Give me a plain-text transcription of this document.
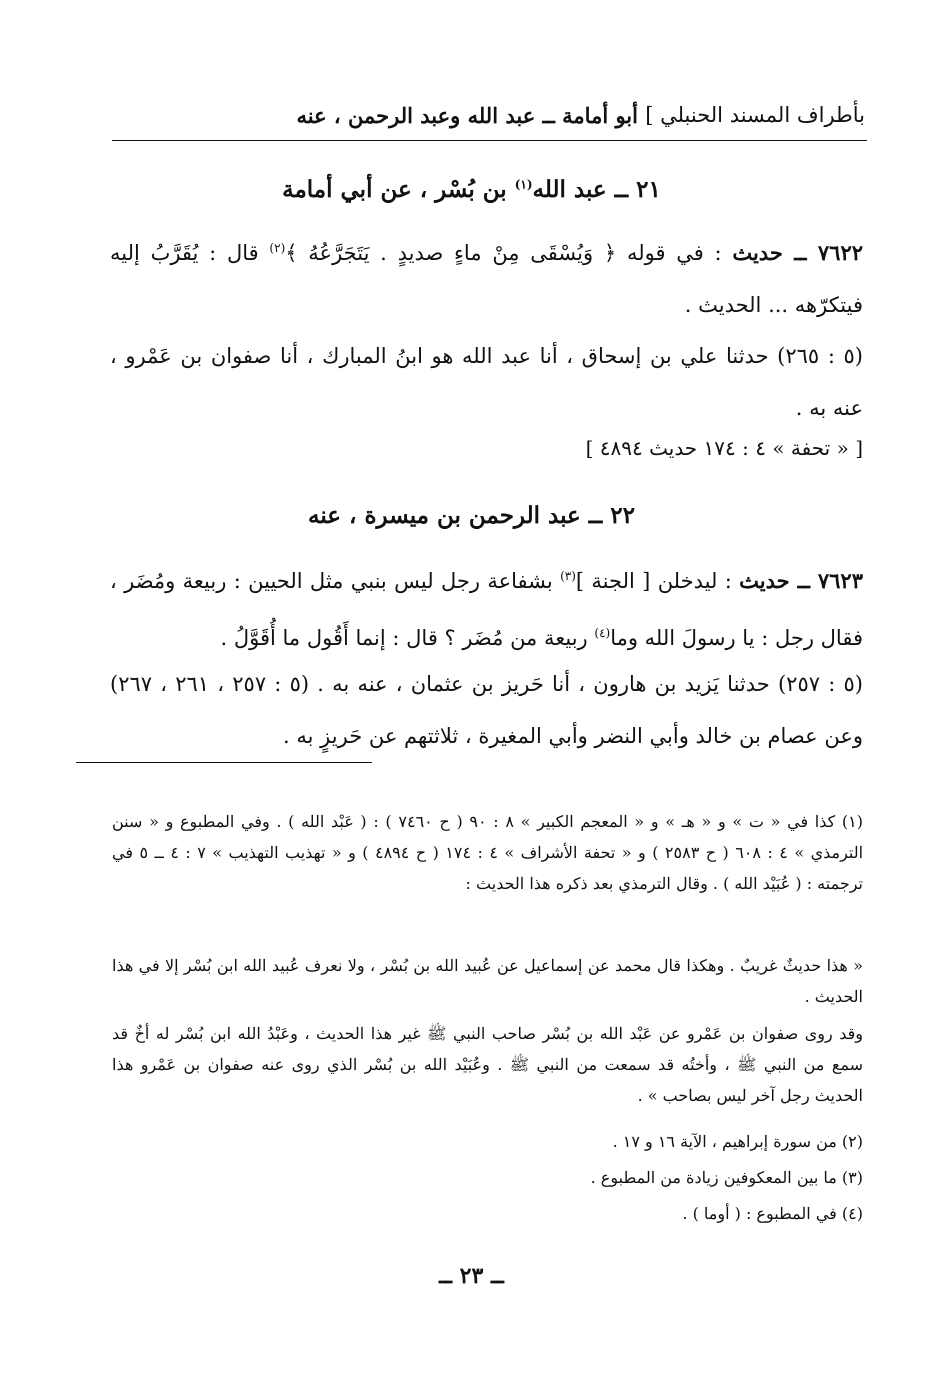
بأطراف المسند الحنبلي ]
أبو أمامة ــ عبد الله وعبد الرحمن ، عنه
٢١ ــ عبد الله$^{(١)}$ بن بُسْر ، عن أبي أمامة
٧٦٢٢ ــ حديث : في قوله ﴿ وَيُسْقَى مِنْ ماءٍ صديدٍ . يَتَجَرَّعُهُ ﴾$^{(٢)}$ قال : يُقَرَّبُ إليه فيتكرّهه ... الحديث .
(٥ : ٢٦٥) حدثنا علي بن إسحاق ، أنا عبد الله هو ابنُ المبارك ، أنا صفوان بن عَمْرو ، عنه به .
[ « تحفة » ٤ : ١٧٤ حديث ٤٨٩٤ ]
٢٢ ــ عبد الرحمن بن ميسرة ، عنه
٧٦٢٣ ــ حديث : ليدخلن [ الجنة ]$^{(٣)}$ بشفاعة رجل ليس بنبي مثل الحيين : ربيعة ومُضَر ، فقال رجل : يا رسولَ الله وما$^{(٤)}$ ربيعة من مُضَر ؟ قال : إنما أَقُول ما أُقَوَّلُ .
(٥ : ٢٥٧) حدثنا يَزيد بن هارون ، أنا حَريز بن عثمان ، عنه به . (٥ : ٢٥٧ ، ٢٦١ ، ٢٦٧) وعن عصام بن خالد وأبي النضر وأبي المغيرة ، ثلاثتهم عن حَريزٍ به .
(١) كذا في « ت » و « هـ » و « المعجم الكبير » ٨ : ٩٠ ( ح ٧٤٦٠ ) : ( عَبْد الله ) . وفي المطبوع و « سنن الترمذي » ٤ : ٦٠٨ ( ح ٢٥٨٣ ) و « تحفة الأشراف » ٤ : ١٧٤ ( ح ٤٨٩٤ ) و « تهذيب التهذيب » ٧ : ٤ ــ ٥ في ترجمته : ( عُبَيْد الله ) . وقال الترمذي بعد ذكره هذا الحديث :
« هذا حديثٌ غريبٌ . وهكذا قال محمد عن إسماعيل عن عُبيد الله بن بُسْر ، ولا نعرف عُبيد الله ابن بُسْر إلا في هذا الحديث .
وقد روى صفوان بن عَمْرو عن عَبْد الله بن بُسْر صاحب النبي ﷺ غير هذا الحديث ، وعَبْدُ الله ابن بُسْر له أخٌ قد سمع من النبي ﷺ ، وأختُه قد سمعت من النبي ﷺ . وعُبَيْد الله بن بُسْر الذي روى عنه صفوان بن عَمْرو هذا الحديث رجل آخر ليس بصاحب » .
(٢) من سورة إبراهيم ، الآية ١٦ و ١٧ .
(٣) ما بين المعكوفين زيادة من المطبوع .
(٤) في المطبوع : ( أوما ) .
ــ ٢٣ ــ
